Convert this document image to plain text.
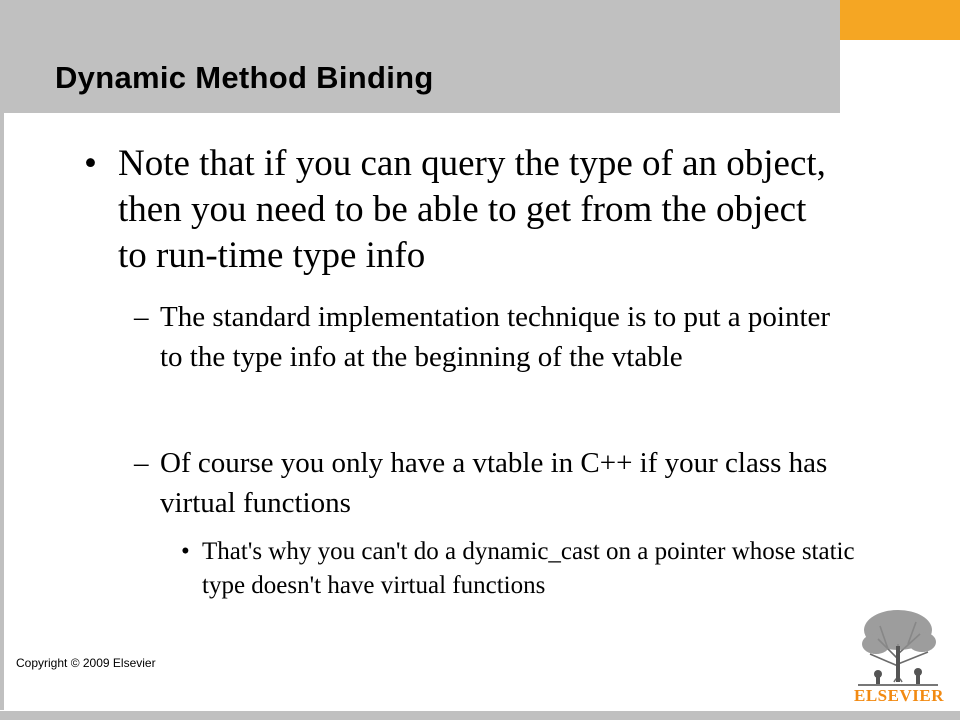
Dynamic Method Binding
• Note that if you can query the type of an object, then you need to be able to get from the object to run-time type info
– The standard implementation technique is to put a pointer to the type info at the beginning of the vtable
– Of course you only have a vtable in C++ if your class has virtual functions
• That's why you can't do a dynamic_cast on a pointer whose static type doesn't have virtual functions
Copyright © 2009 Elsevier
ELSEVIER
